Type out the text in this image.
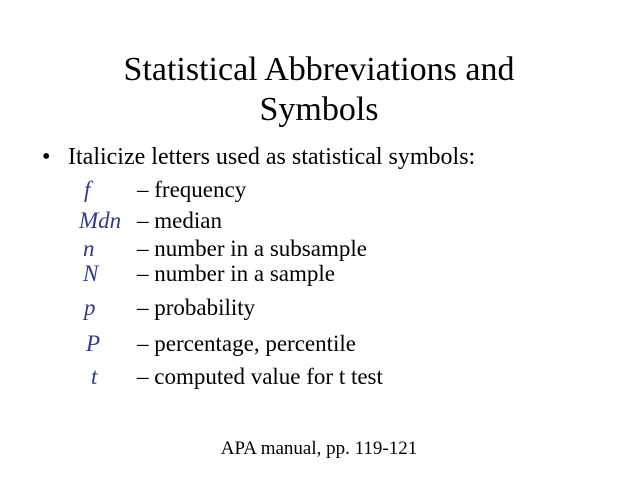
Statistical Abbreviations and
Symbols
• Italicize letters used as statistical symbols:
f – frequency
Mdn – median
n – number in a subsample
N – number in a sample
p – probability
P – percentage, percentile
t – computed value for t test
APA manual, pp. 119-121
